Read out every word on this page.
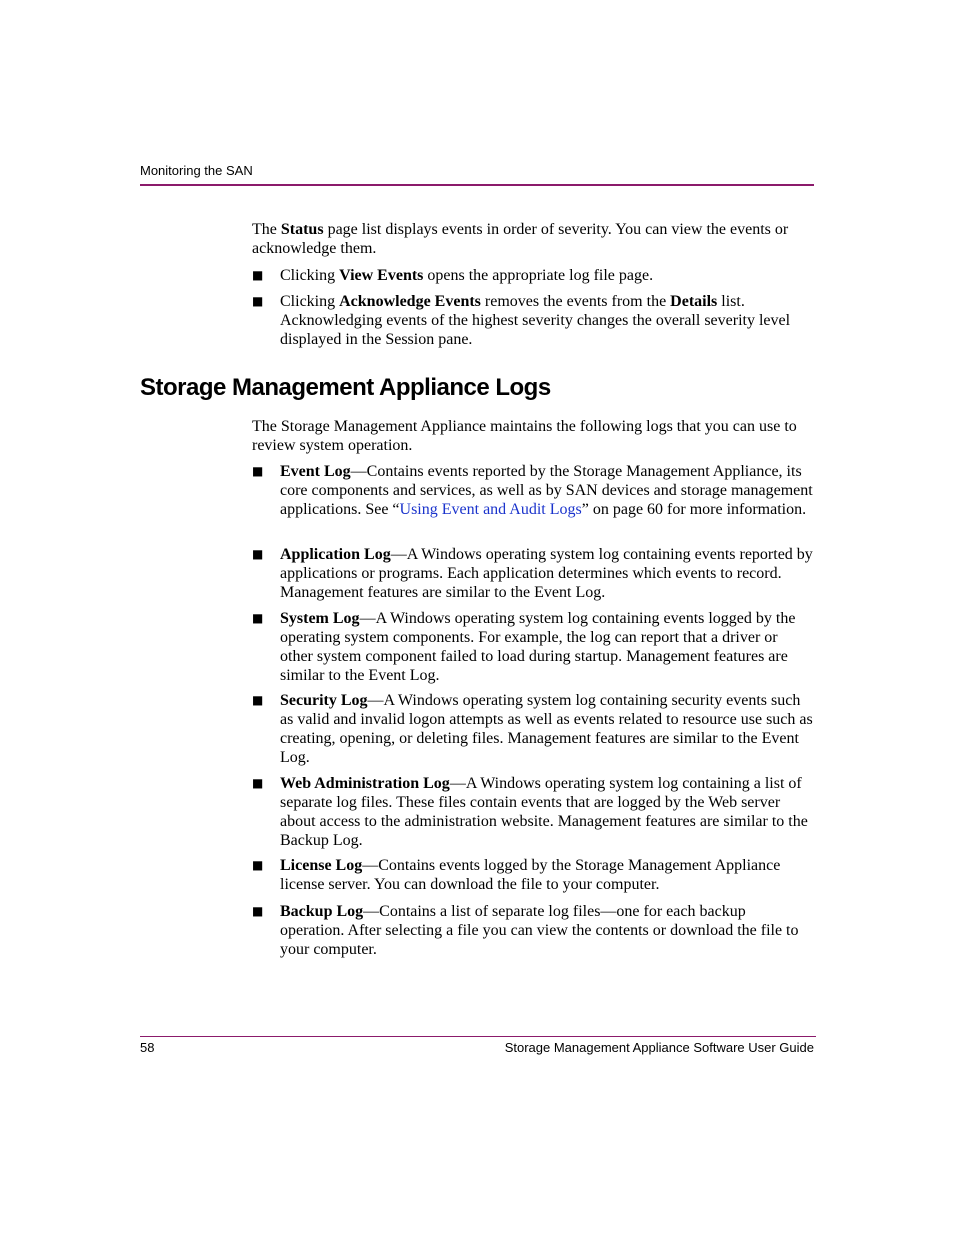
Monitoring the SAN

The Status page list displays events in order of severity. You can view the events or acknowledge them.

■	Clicking View Events opens the appropriate log file page.

■	Clicking Acknowledge Events removes the events from the Details list. Acknowledging events of the highest severity changes the overall severity level displayed in the Session pane.

Storage Management Appliance Logs

The Storage Management Appliance maintains the following logs that you can use to review system operation.

■	Event Log—Contains events reported by the Storage Management Appliance, its core components and services, as well as by SAN devices and storage management applications. See “Using Event and Audit Logs” on page 60 for more information.

■	Application Log—A Windows operating system log containing events reported by applications or programs. Each application determines which events to record. Management features are similar to the Event Log.

■	System Log—A Windows operating system log containing events logged by the operating system components. For example, the log can report that a driver or other system component failed to load during startup. Management features are similar to the Event Log.

■	Security Log—A Windows operating system log containing security events such as valid and invalid logon attempts as well as events related to resource use such as creating, opening, or deleting files. Management features are similar to the Event Log.

■	Web Administration Log—A Windows operating system log containing a list of separate log files. These files contain events that are logged by the Web server about access to the administration website. Management features are similar to the Backup Log.

■	License Log—Contains events logged by the Storage Management Appliance license server. You can download the file to your computer.

■	Backup Log—Contains a list of separate log files—one for each backup operation. After selecting a file you can view the contents or download the file to your computer.

58	Storage Management Appliance Software User Guide
